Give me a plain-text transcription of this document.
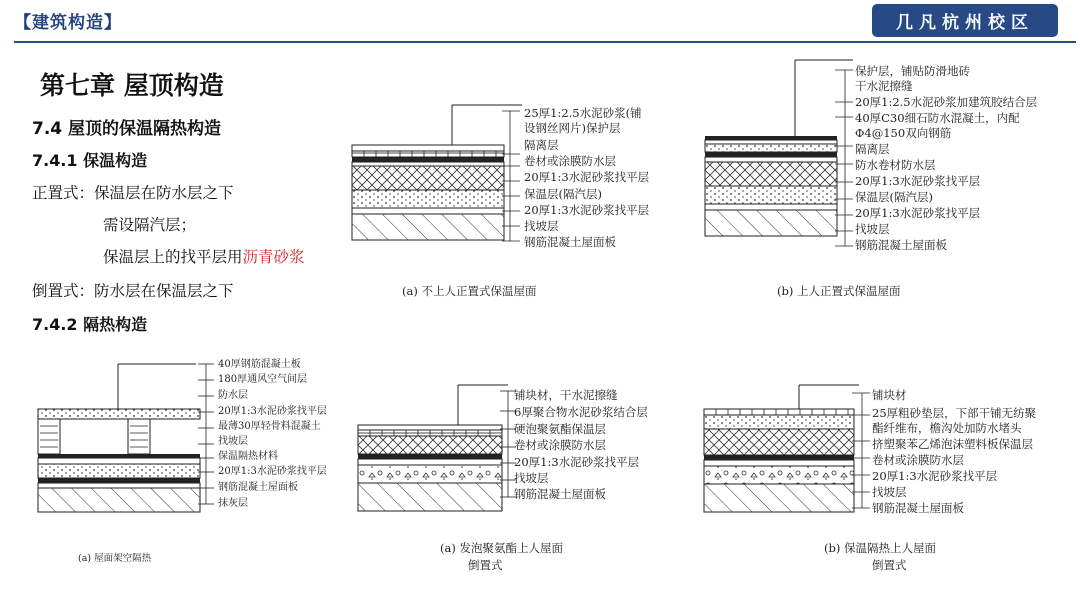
【建筑构造】	几凡杭州校区
第七章 屋顶构造
7.4 屋顶的保温隔热构造
7.4.1 保温构造
正置式：保温层在防水层之下
需设隔汽层；
保温层上的找平层用沥青砂浆
倒置式：防水层在保温层之下
7.4.2 隔热构造
25厚1:2.5水泥砂浆(铺
设钢丝网片)保护层
隔离层
卷材或涂膜防水层
20厚1:3水泥砂浆找平层
保温层(隔汽层)
20厚1:3水泥砂浆找平层
找坡层
钢筋混凝土屋面板
(a) 不上人正置式保温屋面
保护层，铺贴防滑地砖
干水泥擦缝
20厚1:2.5水泥砂浆加建筑胶结合层
40厚C30细石防水混凝土，内配
Φ4@150双向钢筋
隔离层
防水卷材防水层
20厚1:3水泥砂浆找平层
保温层(隔汽层)
20厚1:3水泥砂浆找平层
找坡层
钢筋混凝土屋面板
(b) 上人正置式保温屋面
40厚钢筋混凝土板
180厚通风空气间层
防水层
20厚1:3水泥砂浆找平层
最薄30厚轻骨料混凝土
找坡层
保温隔热材料
20厚1:3水泥砂浆找平层
钢筋混凝土屋面板
抹灰层
(a) 屋面架空隔热
铺块材，干水泥擦缝
6厚聚合物水泥砂浆结合层
硬泡聚氨酯保温层
卷材或涂膜防水层
20厚1:3水泥砂浆找平层
找坡层
钢筋混凝土屋面板
(a) 发泡聚氨酯上人屋面
倒置式
铺块材
25厚粗砂垫层，下部干铺无纺聚
酯纤维布，檐沟处加防水堵头
挤塑聚苯乙烯泡沫塑料板保温层
卷材或涂膜防水层
20厚1:3水泥砂浆找平层
找坡层
钢筋混凝土屋面板
(b) 保温隔热上人屋面
倒置式
